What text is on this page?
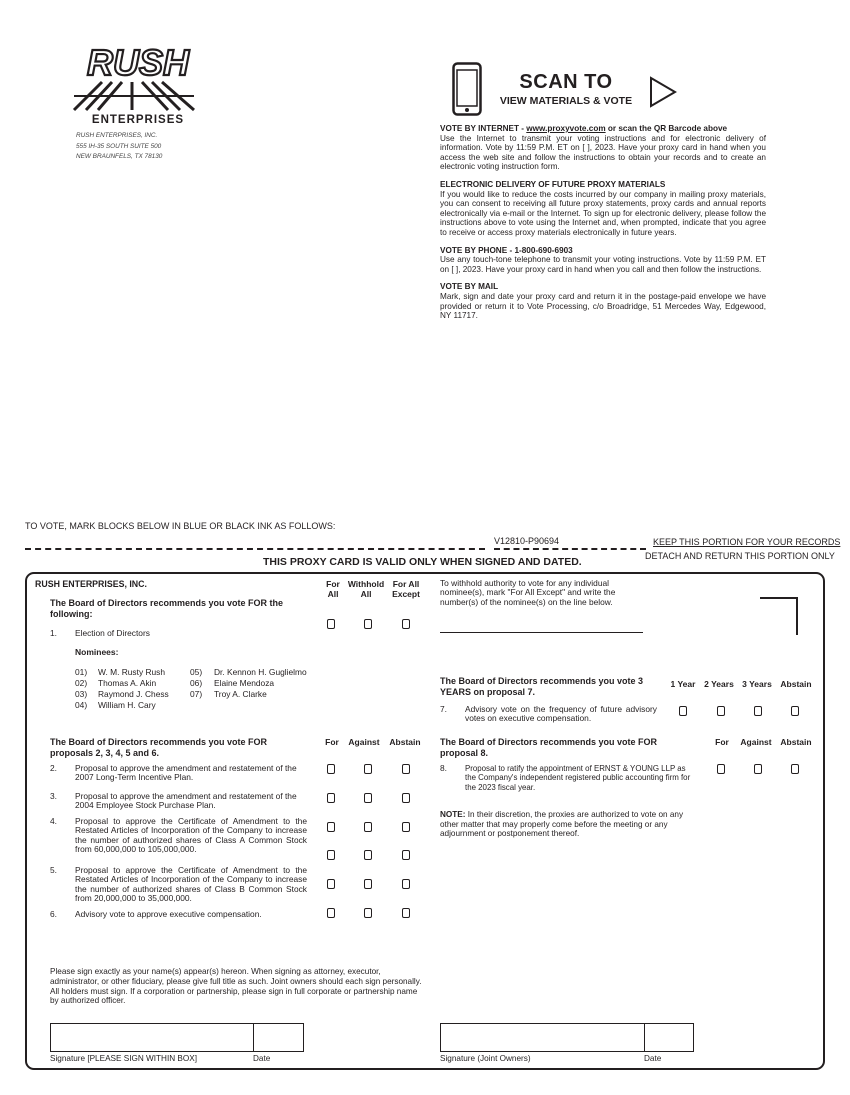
RUSH
ENTERPRISES
RUSH ENTERPRISES, INC.
555 IH-35 SOUTH SUITE 500
NEW BRAUNFELS, TX 78130
SCAN TO
VIEW MATERIALS & VOTE
VOTE BY INTERNET - www.proxyvote.com or scan the QR Barcode above
Use the Internet to transmit your voting instructions and for electronic delivery of information. Vote by 11:59 P.M. ET on [ ], 2023. Have your proxy card in hand when you access the web site and follow the instructions to obtain your records and to create an electronic voting instruction form.
ELECTRONIC DELIVERY OF FUTURE PROXY MATERIALS
If you would like to reduce the costs incurred by our company in mailing proxy materials, you can consent to receiving all future proxy statements, proxy cards and annual reports electronically via e-mail or the Internet. To sign up for electronic delivery, please follow the instructions above to vote using the Internet and, when prompted, indicate that you agree to receive or access proxy materials electronically in future years.
VOTE BY PHONE - 1-800-690-6903
Use any touch-tone telephone to transmit your voting instructions. Vote by 11:59 P.M. ET on [ ], 2023. Have your proxy card in hand when you call and then follow the instructions.
VOTE BY MAIL
Mark, sign and date your proxy card and return it in the postage-paid envelope we have provided or return it to Vote Processing, c/o Broadridge, 51 Mercedes Way, Edgewood, NY 11717.
TO VOTE, MARK BLOCKS BELOW IN BLUE OR BLACK INK AS FOLLOWS:
V12810-P90694	KEEP THIS PORTION FOR YOUR RECORDS
DETACH AND RETURN THIS PORTION ONLY
THIS PROXY CARD IS VALID ONLY WHEN SIGNED AND DATED.
RUSH ENTERPRISES, INC.
The Board of Directors recommends you vote FOR the following:
For All
Withhold All
For All Except
1. Election of Directors
Nominees:
01) W. M. Rusty Rush
02) Thomas A. Akin
03) Raymond J. Chess
04) William H. Cary
05) Dr. Kennon H. Guglielmo
06) Elaine Mendoza
07) Troy A. Clarke
The Board of Directors recommends you vote FOR proposals 2, 3, 4, 5 and 6.
For	Against	Abstain
2. Proposal to approve the amendment and restatement of the 2007 Long-Term Incentive Plan.
3. Proposal to approve the amendment and restatement of the 2004 Employee Stock Purchase Plan.
4. Proposal to approve the Certificate of Amendment to the Restated Articles of Incorporation of the Company to increase the number of authorized shares of Class A Common Stock from 60,000,000 to 105,000,000.
5. Proposal to approve the Certificate of Amendment to the Restated Articles of Incorporation of the Company to increase the number of authorized shares of Class B Common Stock from 20,000,000 to 35,000,000.
6. Advisory vote to approve executive compensation.
To withhold authority to vote for any individual nominee(s), mark "For All Except" and write the number(s) of the nominee(s) on the line below.
The Board of Directors recommends you vote 3 YEARS on proposal 7.
1 Year	2 Years 3 Years	Abstain
7. Advisory vote on the frequency of future advisory votes on executive compensation.
The Board of Directors recommends you vote FOR proposal 8.
For	Against	Abstain
8. Proposal to ratify the appointment of ERNST & YOUNG LLP as the Company's independent registered public accounting firm for the 2023 fiscal year.
NOTE: In their discretion, the proxies are authorized to vote on any other matter that may properly come before the meeting or any adjournment or postponement thereof.
Please sign exactly as your name(s) appear(s) hereon. When signing as attorney, executor, administrator, or other fiduciary, please give full title as such. Joint owners should each sign personally. All holders must sign. If a corporation or partnership, please sign in full corporate or partnership name by authorized officer.
Signature [PLEASE SIGN WITHIN BOX]	Date	Signature (Joint Owners)	Date
